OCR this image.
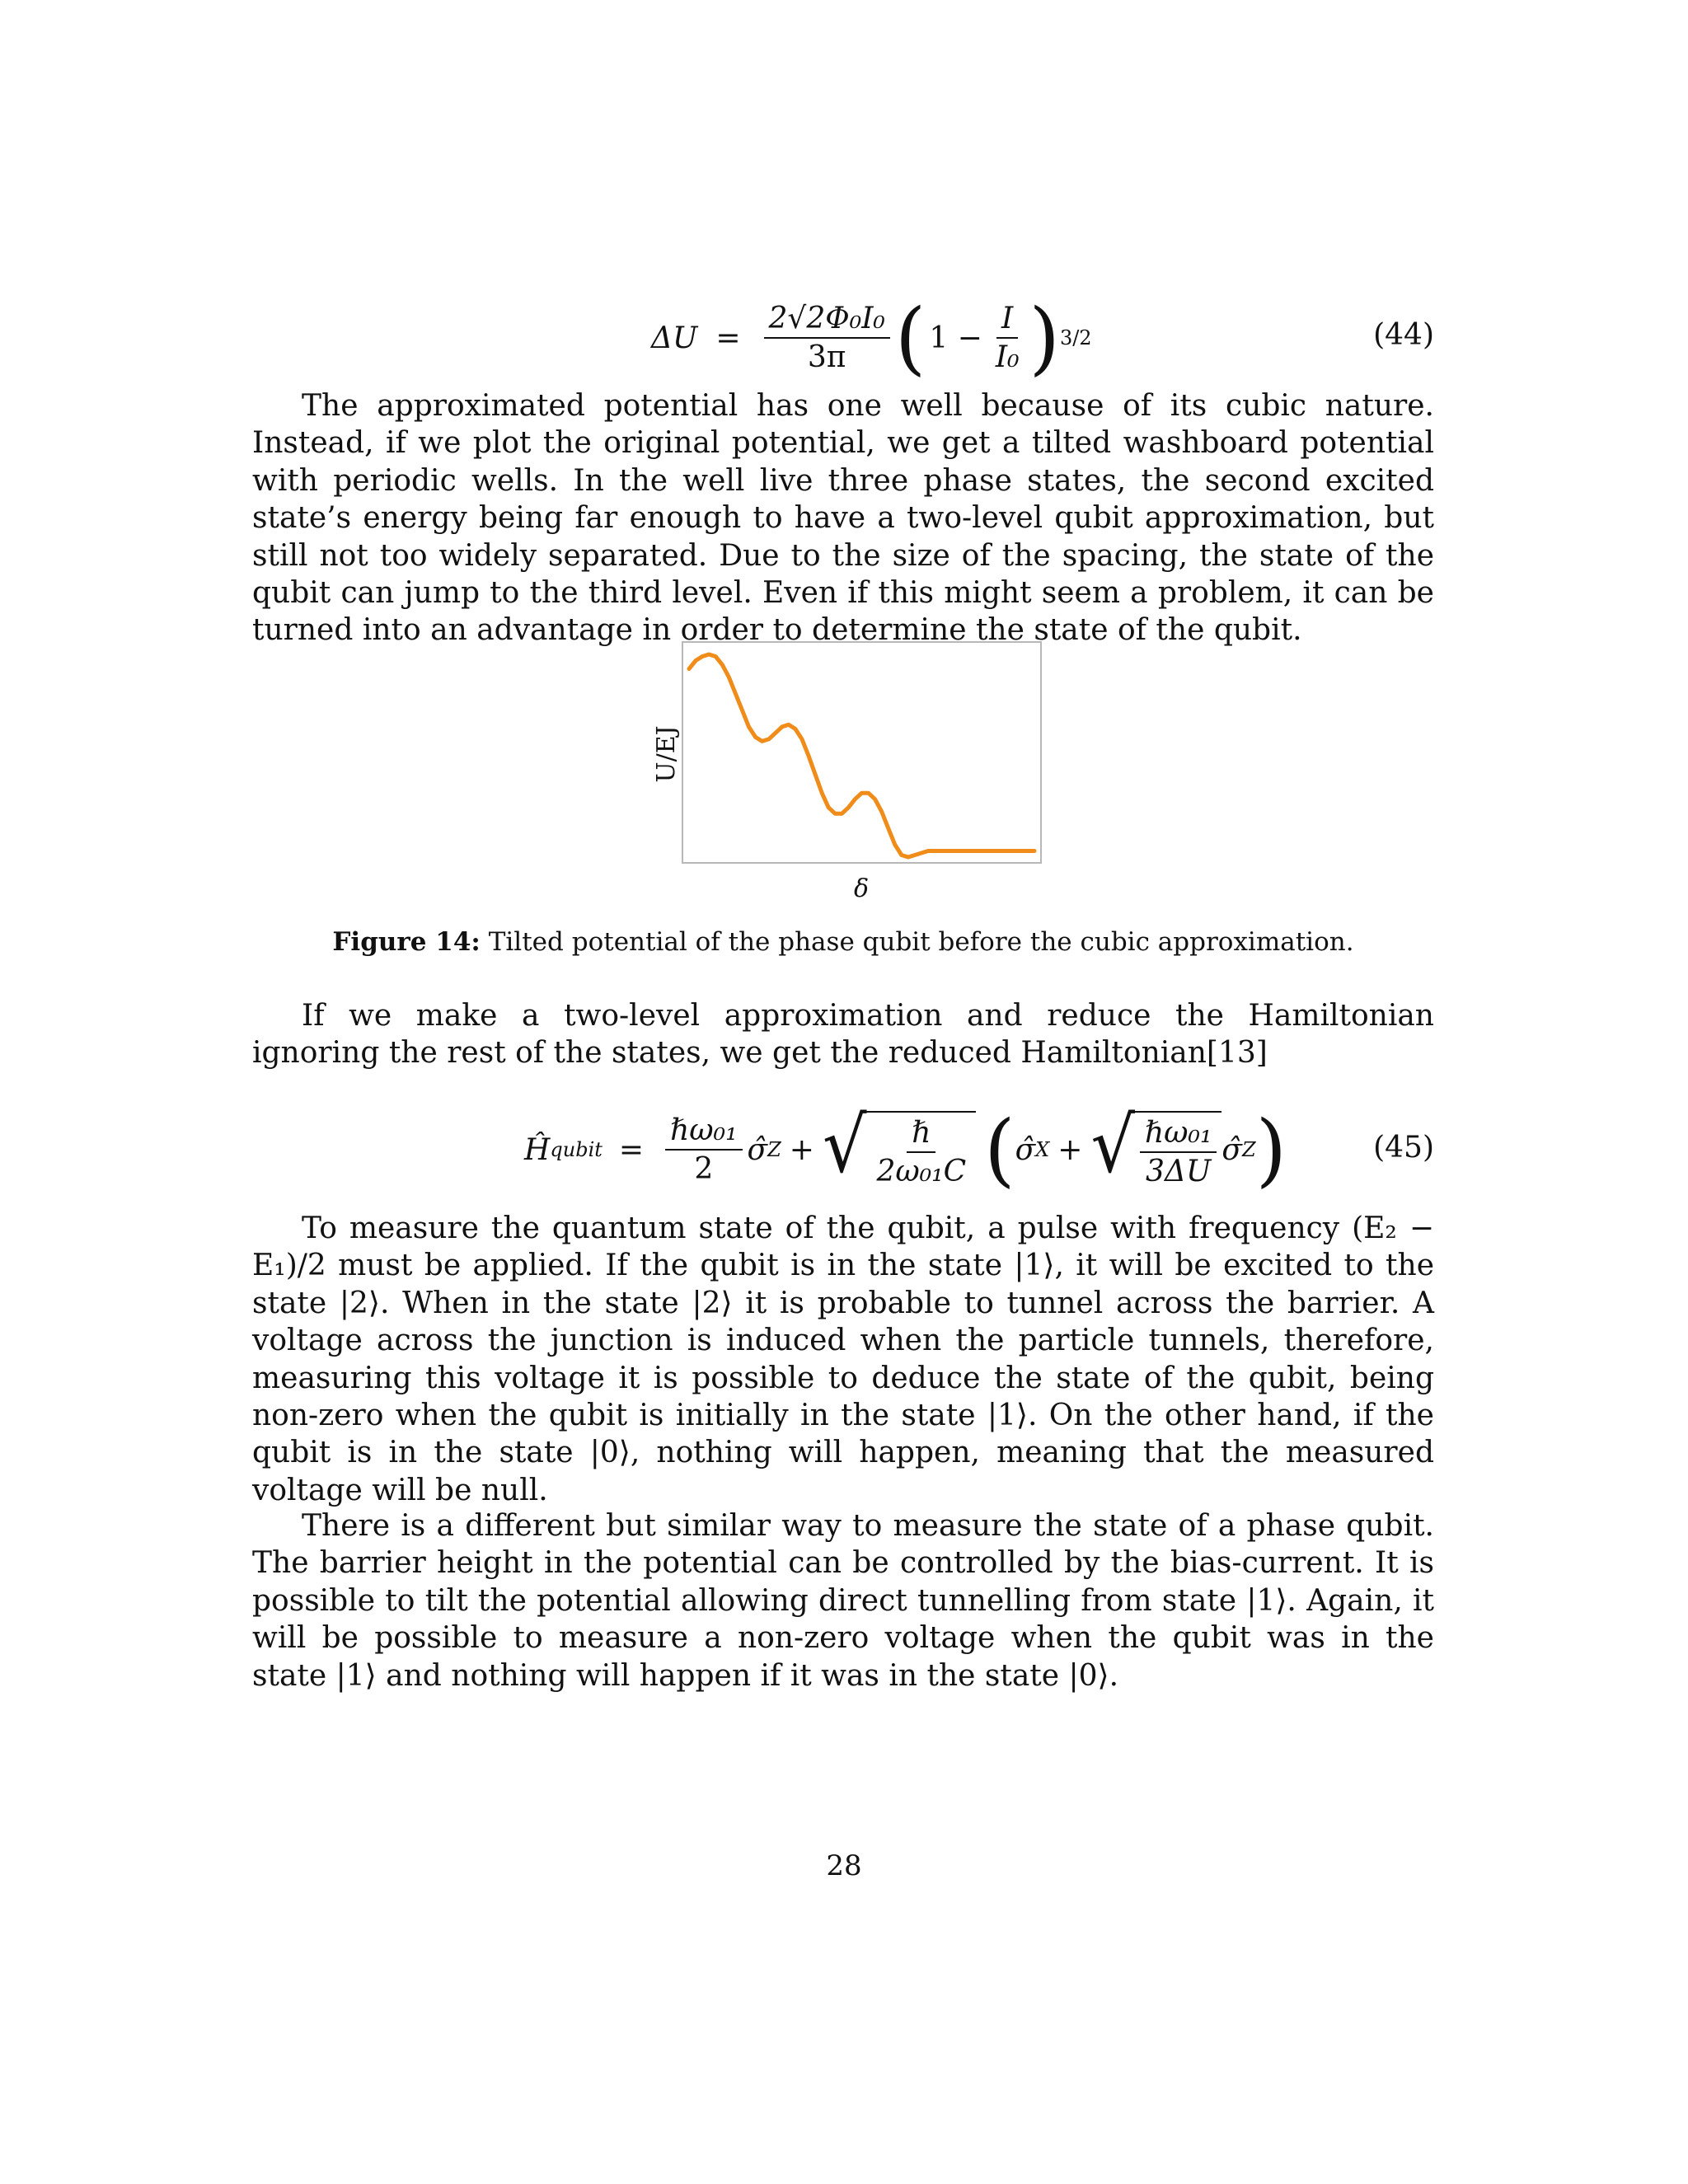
$\Delta U = \frac{\text{2√2Φ₀I₀}}{3\pi}$ ( $1 - \frac{I}{\text{I₀}}$ ) 3/2	(44)

The approximated potential has one well because of its cubic nature. Instead, if we plot the original potential, we get a tilted washboard potential with periodic wells. In the well live three phase states, the second excited state’s energy being far enough to have a two-level qubit approximation, but still not too widely separated. Due to the size of the spacing, the state of the qubit can jump to the third level. Even if this might seem a problem, it can be turned into an advantage in order to determine the state of the qubit.

U/EJ
δ
Figure 14: Tilted potential of the phase qubit before the cubic approximation.

If we make a two-level approximation and reduce the Hamiltonian ignoring the rest of the states, we get the reduced Hamiltonian[13]

Ĥ qubit = $\frac{\text{ℏω₀₁}}{2}$ σ̂ Z + √ $\frac{\text{ℏ}}{\text{2ω₀₁C}}$ ( σ̂ X + √ $\frac{\text{ℏω₀₁}}{3\Delta U}$ σ̂ Z )	(45)

To measure the quantum state of the qubit, a pulse with frequency (E₂ − E₁)/2 must be applied. If the qubit is in the state |1⟩, it will be excited to the state |2⟩. When in the state |2⟩ it is probable to tunnel across the barrier. A voltage across the junction is induced when the particle tunnels, therefore, measuring this voltage it is possible to deduce the state of the qubit, being non-zero when the qubit is initially in the state |1⟩. On the other hand, if the qubit is in the state |0⟩, nothing will happen, meaning that the measured voltage will be null.

There is a different but similar way to measure the state of a phase qubit. The barrier height in the potential can be controlled by the bias-current. It is possible to tilt the potential allowing direct tunnelling from state |1⟩. Again, it will be possible to measure a non-zero voltage when the qubit was in the state |1⟩ and nothing will happen if it was in the state |0⟩.

28
